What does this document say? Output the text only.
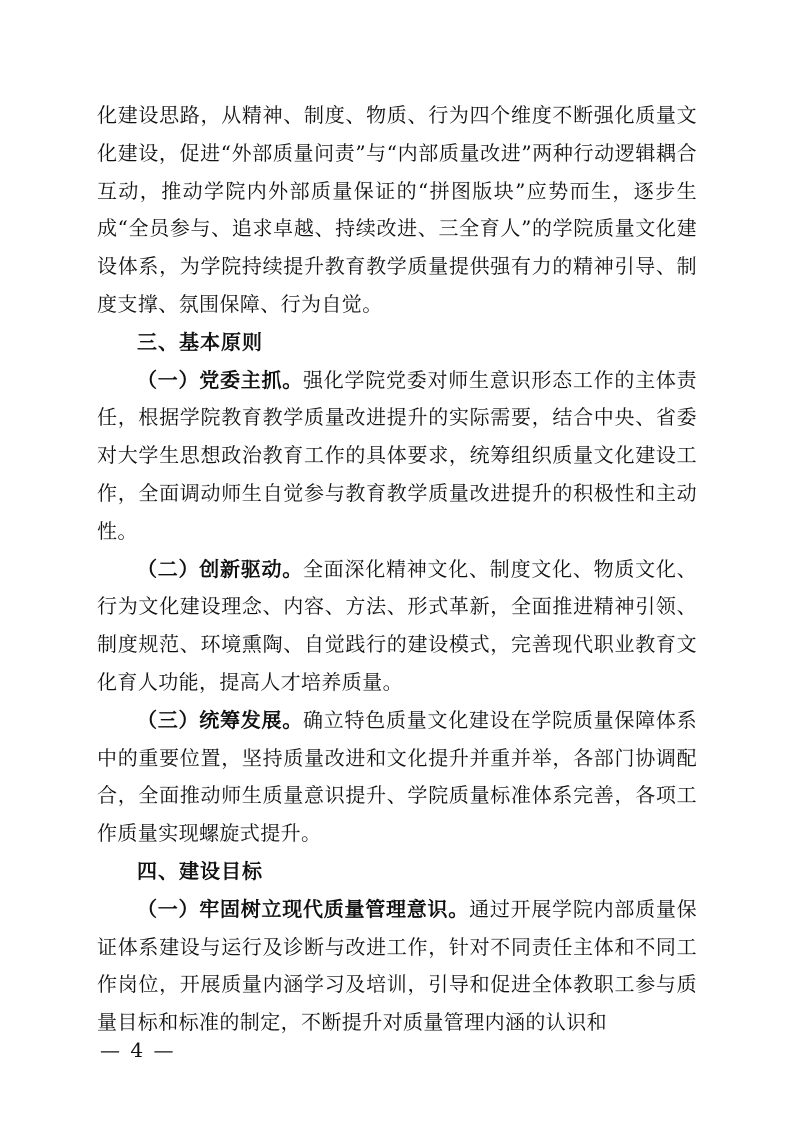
化建设思路，从精神、制度、物质、行为四个维度不断强化质量文化建设，促进“外部质量问责”与“内部质量改进”两种行动逻辑耦合互动，推动学院内外部质量保证的“拼图版块”应势而生，逐步生成“全员参与、追求卓越、持续改进、三全育人”的学院质量文化建设体系，为学院持续提升教育教学质量提供强有力的精神引导、制度支撑、氛围保障、行为自觉。

三、基本原则

（一）党委主抓。强化学院党委对师生意识形态工作的主体责任，根据学院教育教学质量改进提升的实际需要，结合中央、省委对大学生思想政治教育工作的具体要求，统筹组织质量文化建设工作，全面调动师生自觉参与教育教学质量改进提升的积极性和主动性。

（二）创新驱动。全面深化精神文化、制度文化、物质文化、行为文化建设理念、内容、方法、形式革新，全面推进精神引领、制度规范、环境熏陶、自觉践行的建设模式，完善现代职业教育文化育人功能，提高人才培养质量。

（三）统筹发展。确立特色质量文化建设在学院质量保障体系中的重要位置，坚持质量改进和文化提升并重并举，各部门协调配合，全面推动师生质量意识提升、学院质量标准体系完善，各项工作质量实现螺旋式提升。

四、建设目标

（一）牢固树立现代质量管理意识。通过开展学院内部质量保证体系建设与运行及诊断与改进工作，针对不同责任主体和不同工作岗位，开展质量内涵学习及培训，引导和促进全体教职工参与质量目标和标准的制定，不断提升对质量管理内涵的认识和

— 4 —
